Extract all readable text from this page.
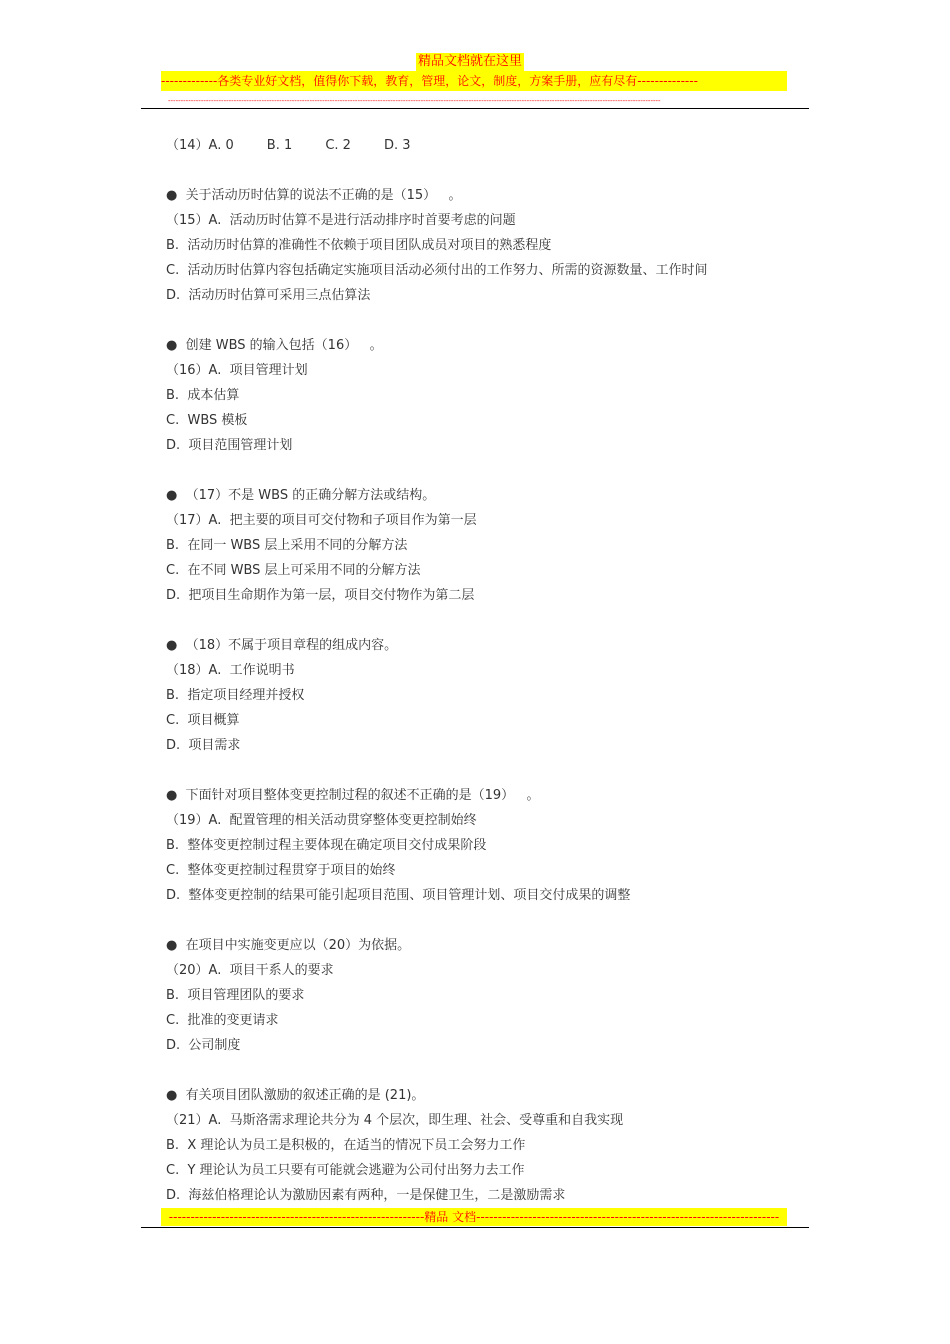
精品文档就在这里
-------------各类专业好文档，值得你下载，教育，管理，论文，制度，方案手册，应有尽有--------------
---------------------------------------------------------------------------------------------------------------------------------------------------------------------------------------------------
（14）A. 0        B. 1        C. 2        D. 3
●  关于活动历时估算的说法不正确的是（15）   。
（15）A.  活动历时估算不是进行活动排序时首要考虑的问题
B.  活动历时估算的准确性不依赖于项目团队成员对项目的熟悉程度
C.  活动历时估算内容包括确定实施项目活动必须付出的工作努力、所需的资源数量、工作时间
D.  活动历时估算可采用三点估算法
●  创建 WBS 的输入包括（16）   。
（16）A.  项目管理计划
B.  成本估算
C.  WBS 模板
D.  项目范围管理计划
●  （17）不是 WBS 的正确分解方法或结构。
（17）A.  把主要的项目可交付物和子项目作为第一层
B.  在同一 WBS 层上采用不同的分解方法
C.  在不同 WBS 层上可采用不同的分解方法
D.  把项目生命期作为第一层，项目交付物作为第二层
●  （18）不属于项目章程的组成内容。
（18）A.  工作说明书
B.  指定项目经理并授权
C.  项目概算
D.  项目需求
●  下面针对项目整体变更控制过程的叙述不正确的是（19）   。
（19）A.  配置管理的相关活动贯穿整体变更控制始终
B.  整体变更控制过程主要体现在确定项目交付成果阶段
C.  整体变更控制过程贯穿于项目的始终
D.  整体变更控制的结果可能引起项目范围、项目管理计划、项目交付成果的调整
●  在项目中实施变更应以（20）为依据。
（20）A.  项目干系人的要求
B.  项目管理团队的要求
C.  批准的变更请求
D.  公司制度
●  有关项目团队激励的叙述正确的是 (21)。
（21）A.  马斯洛需求理论共分为 4 个层次，即生理、社会、受尊重和自我实现
B.  X 理论认为员工是积极的，在适当的情况下员工会努力工作
C.  Y 理论认为员工只要有可能就会逃避为公司付出努力去工作
D.  海兹伯格理论认为激励因素有两种，一是保健卫生，二是激励需求
-----------------------------------------------------------精品 文档----------------------------------------------------------------------
